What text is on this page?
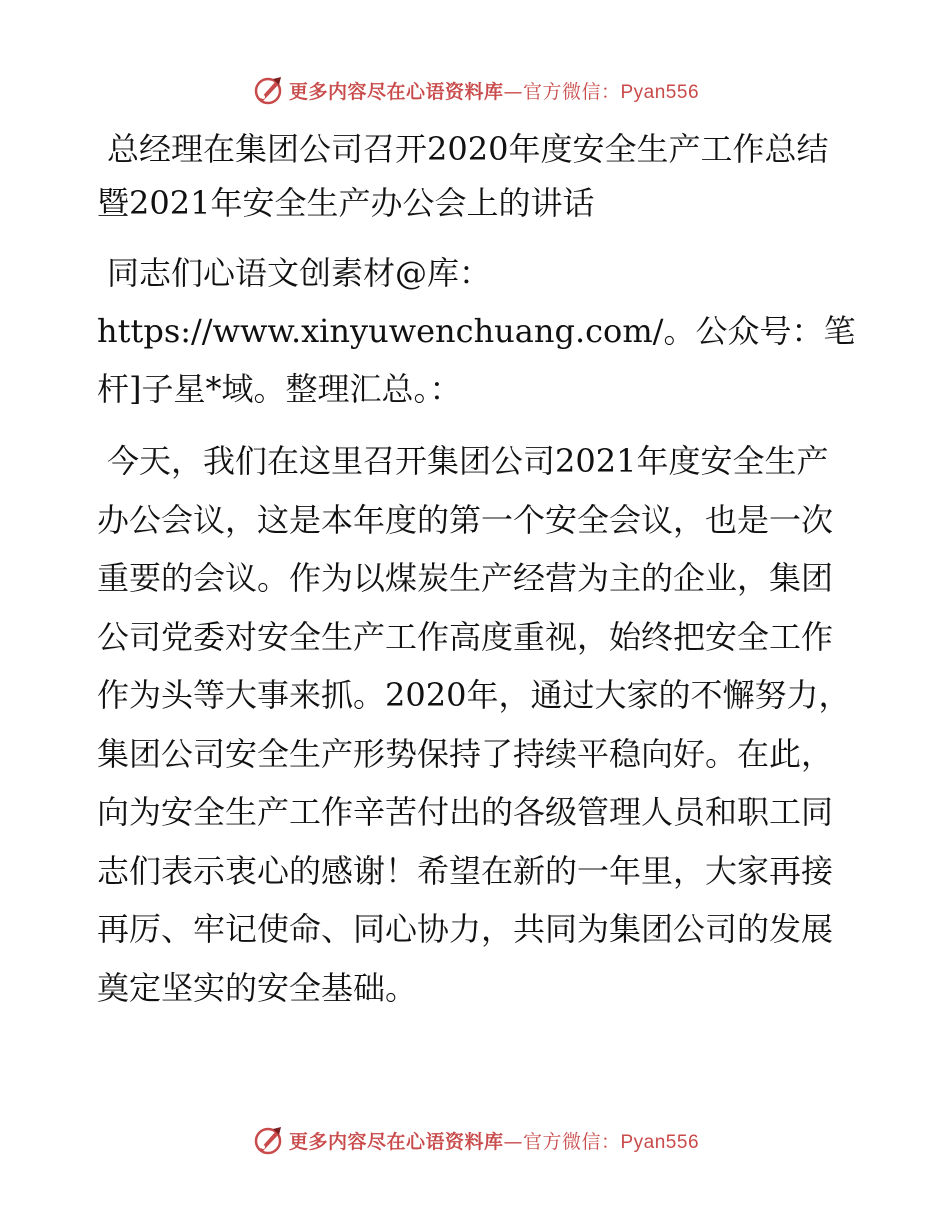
更多内容尽在心语资料库—官方微信：Pyan556
总经理在集团公司召开2020年度安全生产工作总结暨2021年安全生产办公会上的讲话

同志们心语文创素材@库：https://www.xinyuwenchuang.com/。公众号：笔杆]子星*域。整理汇总。：

今天，我们在这里召开集团公司2021年度安全生产办公会议，这是本年度的第一个安全会议，也是一次重要的会议。作为以煤炭生产经营为主的企业，集团公司党委对安全生产工作高度重视，始终把安全工作作为头等大事来抓。2020年，通过大家的不懈努力，集团公司安全生产形势保持了持续平稳向好。在此，向为安全生产工作辛苦付出的各级管理人员和职工同志们表示衷心的感谢！希望在新的一年里，大家再接再厉、牢记使命、同心协力，共同为集团公司的发展奠定坚实的安全基础。

更多内容尽在心语资料库—官方微信：Pyan556
